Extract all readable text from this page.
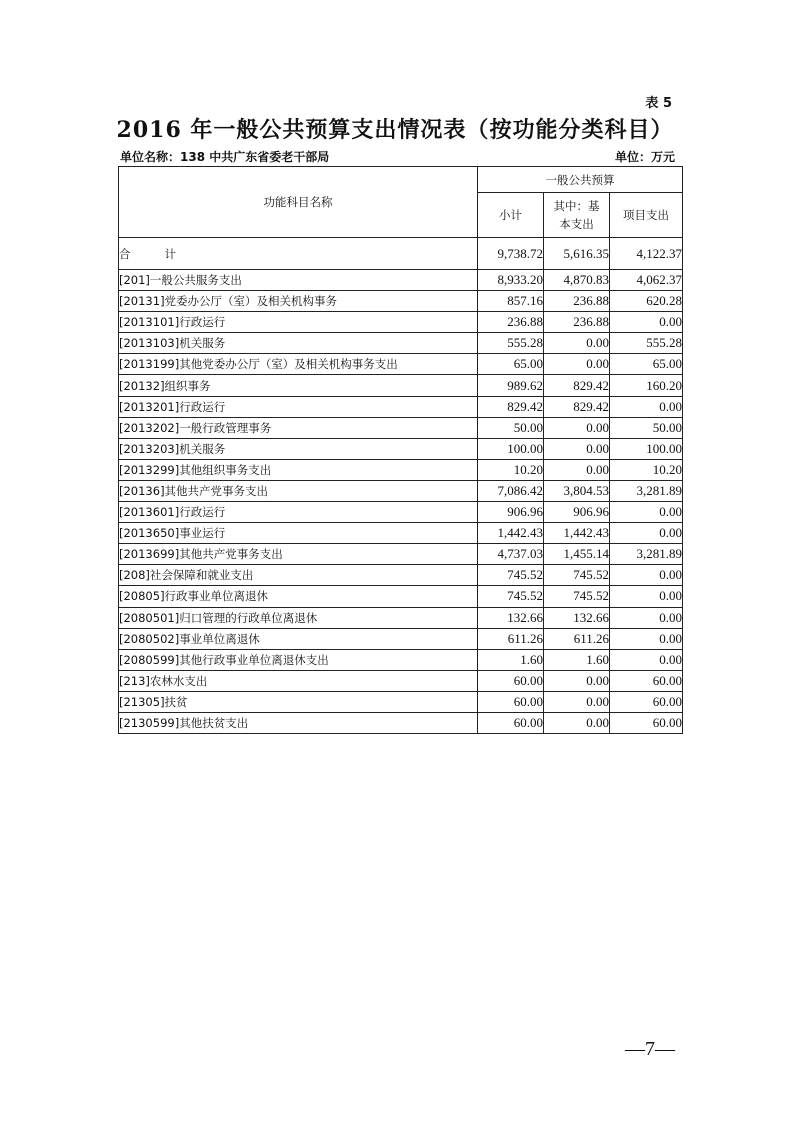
表 5
2016 年一般公共预算支出情况表（按功能分类科目）
单位名称：138 中共广东省委老干部局	单位：万元
功能科目名称	一般公共预算		
	小计	其中：基本支出	项目支出
合 计	9,738.72	5,616.35	4,122.37
[201]一般公共服务支出	8,933.20	4,870.83	4,062.37
[20131]党委办公厅（室）及相关机构事务	857.16	236.88	620.28
[2013101]行政运行	236.88	236.88	0.00
[2013103]机关服务	555.28	0.00	555.28
[2013199]其他党委办公厅（室）及相关机构事务支出	65.00	0.00	65.00
[20132]组织事务	989.62	829.42	160.20
[2013201]行政运行	829.42	829.42	0.00
[2013202]一般行政管理事务	50.00	0.00	50.00
[2013203]机关服务	100.00	0.00	100.00
[2013299]其他组织事务支出	10.20	0.00	10.20
[20136]其他共产党事务支出	7,086.42	3,804.53	3,281.89
[2013601]行政运行	906.96	906.96	0.00
[2013650]事业运行	1,442.43	1,442.43	0.00
[2013699]其他共产党事务支出	4,737.03	1,455.14	3,281.89
[208]社会保障和就业支出	745.52	745.52	0.00
[20805]行政事业单位离退休	745.52	745.52	0.00
[2080501]归口管理的行政单位离退休	132.66	132.66	0.00
[2080502]事业单位离退休	611.26	611.26	0.00
[2080599]其他行政事业单位离退休支出	1.60	1.60	0.00
[213]农林水支出	60.00	0.00	60.00
[21305]扶贫	60.00	0.00	60.00
[2130599]其他扶贫支出	60.00	0.00	60.00
—7—
